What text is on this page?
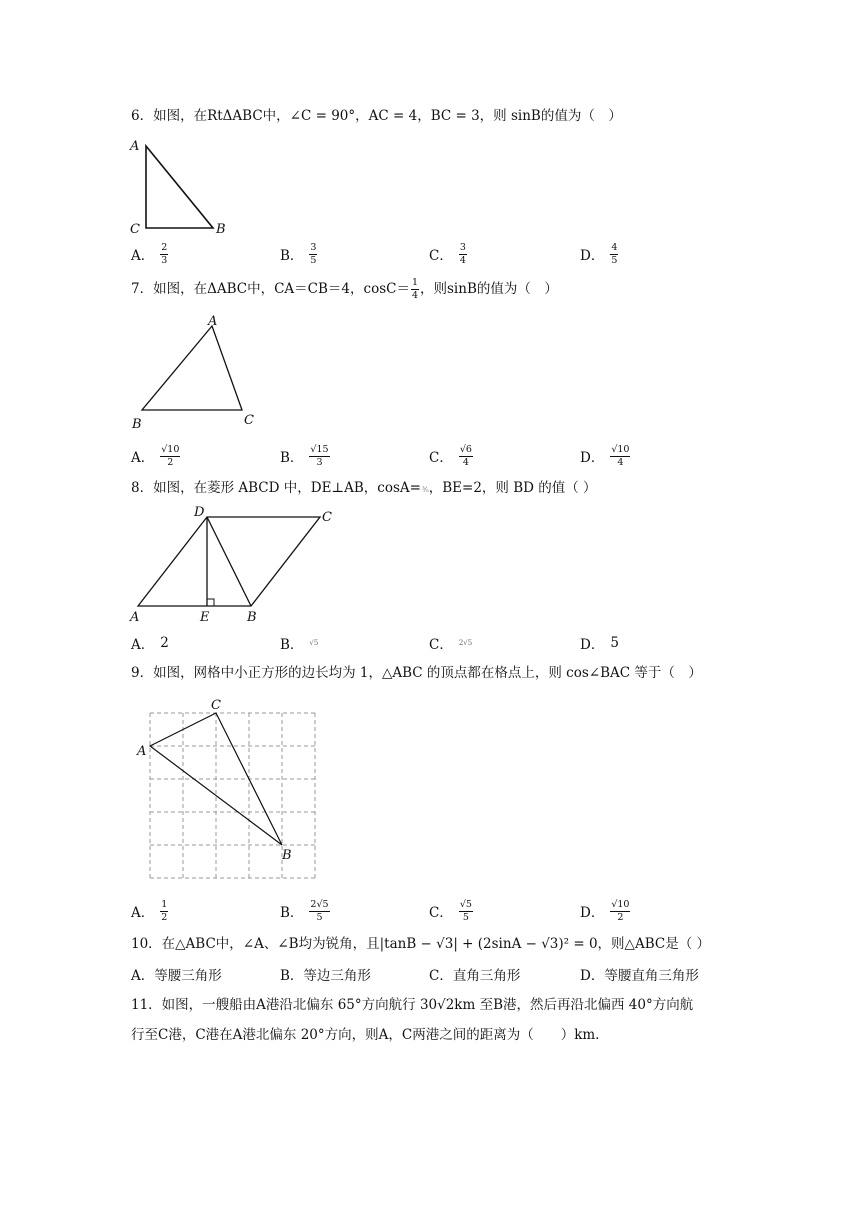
6．如图，在RtΔABC中，∠C = 90°，AC = 4，BC = 3，则 sinB的值为（　）
A
C	B
A． $\frac{2}{3}$	B． $\frac{3}{5}$	C． $\frac{3}{4}$	D． $\frac{4}{5}$
7．如图，在ΔABC中，CA＝CB＝4，$\cos C= \frac{1}{4}$ ，则sinB的值为（　）
A
B	C
A． $\frac{√10}{2}$	B． $\frac{√15}{3}$	C． $\frac{√6}{4}$	D． $\frac{√10}{4}$
8．如图，在菱形 ABCD 中，DE⊥AB，cosA=³⁄₅，BE=2，则 BD 的值（ ）
D	C
A	E	B
A． 2	B． √5	C． 2√5	D． 5
9．如图，网格中小正方形的边长均为 1，△ABC 的顶点都在格点上，则 cos∠BAC 等于（　）
C
A
B
A． $\frac{1}{2}$	B． $\frac{2√5}{5}$	C． $\frac{√5}{5}$	D． $\frac{√10}{2}$
10．在△ABC中，∠A、∠B均为锐角，且|tanB − √3| + (2sinA − √3)² = 0，则△ABC是（ ）
A． 等腰三角形	B． 等边三角形	C． 直角三角形	D． 等腰直角三角形
11．如图，一艘船由A港沿北偏东 65°方向航行 30√2km 至B港，然后再沿北偏西 40°方向航
行至C港，C港在A港北偏东 20°方向，则A，C两港之间的距离为（　　）km.
